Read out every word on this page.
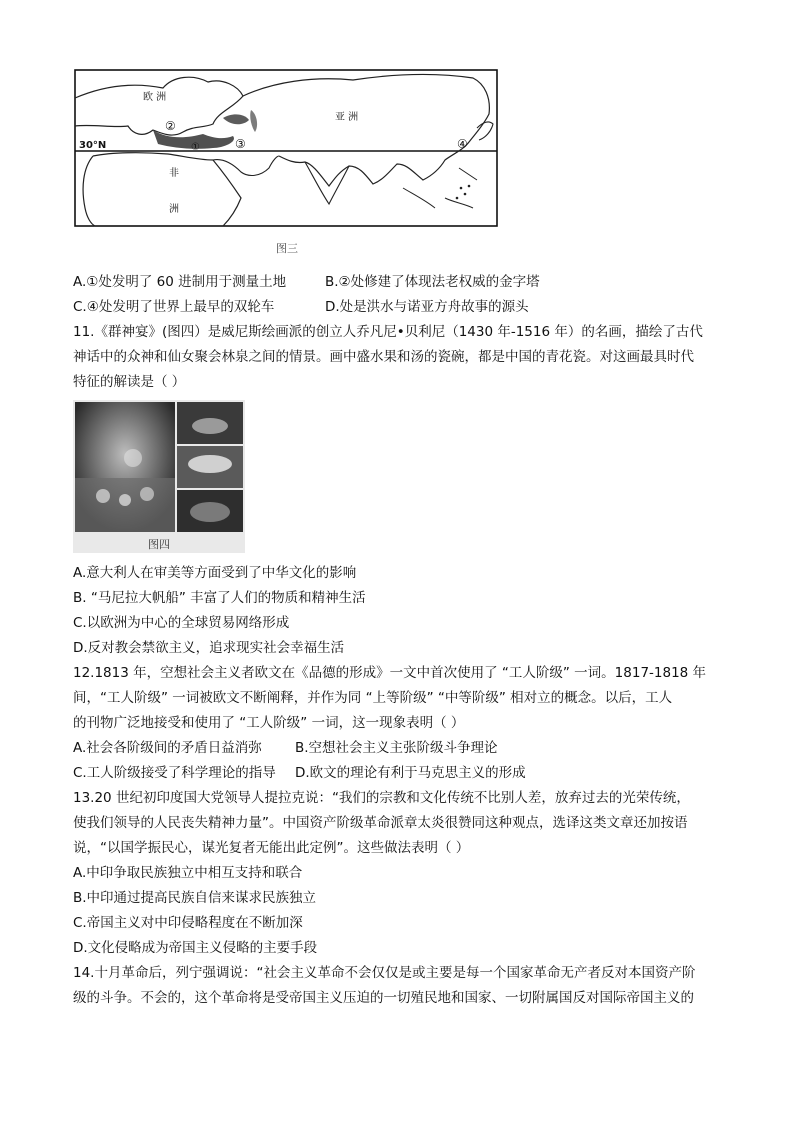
欧 洲
亚 洲
非
洲
30°N	①
②
③	④
图三
A.①处发明了 60 进制用于测量土地	B.②处修建了体现法老权威的金字塔
C.④处发明了世界上最早的双轮车	D.处是洪水与诺亚方舟故事的源头
11.《群神宴》(图四）是威尼斯绘画派的创立人乔凡尼•贝利尼（1430 年-1516 年）的名画，描绘了古代
神话中的众神和仙女聚会林泉之间的情景。画中盛水果和汤的瓷碗，都是中国的青花瓷。对这画最具时代
特征的解读是（ ）
图四
A.意大利人在审美等方面受到了中华文化的影响
B. “马尼拉大帆船” 丰富了人们的物质和精神生活
C.以欧洲为中心的全球贸易网络形成
D.反对教会禁欲主义，追求现实社会幸福生活
12.1813 年，空想社会主义者欧文在《品德的形成》一文中首次使用了 “工人阶级” 一词。1817-1818 年
间，“工人阶级” 一词被欧文不断阐释，并作为同 “上等阶级” “中等阶级” 相对立的概念。以后，工人
的刊物广泛地接受和使用了 “工人阶级” 一词，这一现象表明（ ）
A.社会各阶级间的矛盾日益消弥 B.空想社会主义主张阶级斗争理论
C.工人阶级接受了科学理论的指导 D.欧文的理论有利于马克思主义的形成
13.20 世纪初印度国大党领导人提拉克说：“我们的宗教和文化传统不比别人差，放弃过去的光荣传统，
使我们领导的人民丧失精神力量”。中国资产阶级革命派章太炎很赞同这种观点，选译这类文章还加按语
说，“以国学振民心，谋光复者无能出此定例”。这些做法表明（ ）
A.中印争取民族独立中相互支持和联合
B.中印通过提高民族自信来谋求民族独立
C.帝国主义对中印侵略程度在不断加深
D.文化侵略成为帝国主义侵略的主要手段
14.十月革命后，列宁强调说：“社会主义革命不会仅仅是或主要是每一个国家革命无产者反对本国资产阶
级的斗争。不会的，这个革命将是受帝国主义压迫的一切殖民地和国家、一切附属国反对国际帝国主义的
